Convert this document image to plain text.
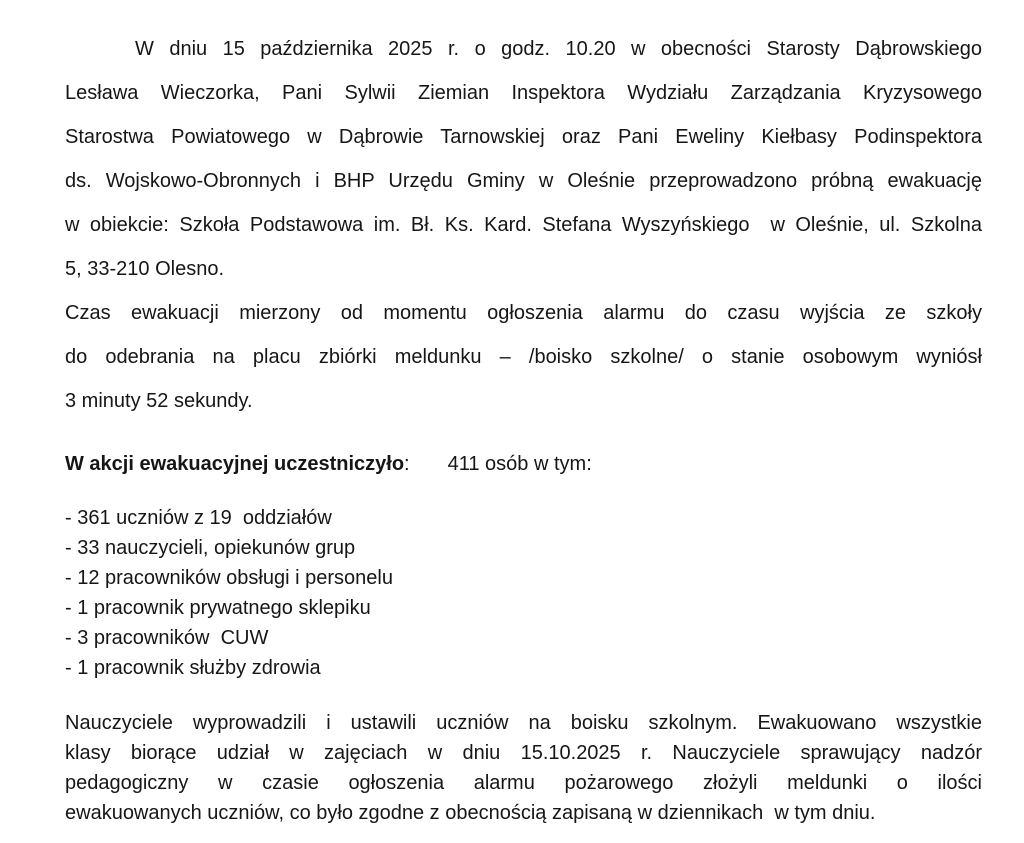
W dniu 15 października 2025 r. o godz. 10.20 w obecności Starosty Dąbrowskiego
Lesława Wieczorka, Pani Sylwii Ziemian Inspektora Wydziału Zarządzania Kryzysowego
Starostwa Powiatowego w Dąbrowie Tarnowskiej oraz Pani Eweliny Kiełbasy Podinspektora
ds. Wojskowo-Obronnych i BHP Urzędu Gminy w Oleśnie przeprowadzono próbną ewakuację
w obiekcie: Szkoła Podstawowa im. Bł. Ks. Kard. Stefana Wyszyńskiego  w Oleśnie, ul. Szkolna
5, 33-210 Olesno.
Czas ewakuacji mierzony od momentu ogłoszenia alarmu do czasu wyjścia ze szkoły
do odebrania na placu zbiórki meldunku – /boisko szkolne/ o stanie osobowym wyniósł
3 minuty 52 sekundy.
W akcji ewakuacyjnej uczestniczyło: 411 osób w tym:
- 361 uczniów z 19  oddziałów
- 33 nauczycieli, opiekunów grup
- 12 pracowników obsługi i personelu
- 1 pracownik prywatnego sklepiku
- 3 pracowników  CUW
- 1 pracownik służby zdrowia
Nauczyciele wyprowadzili i ustawili uczniów na boisku szkolnym. Ewakuowano wszystkie
klasy biorące udział w zajęciach w dniu 15.10.2025 r. Nauczyciele sprawujący nadzór
pedagogiczny w czasie ogłoszenia alarmu pożarowego złożyli meldunki o ilości
ewakuowanych uczniów, co było zgodne z obecnością zapisaną w dziennikach  w tym dniu.
